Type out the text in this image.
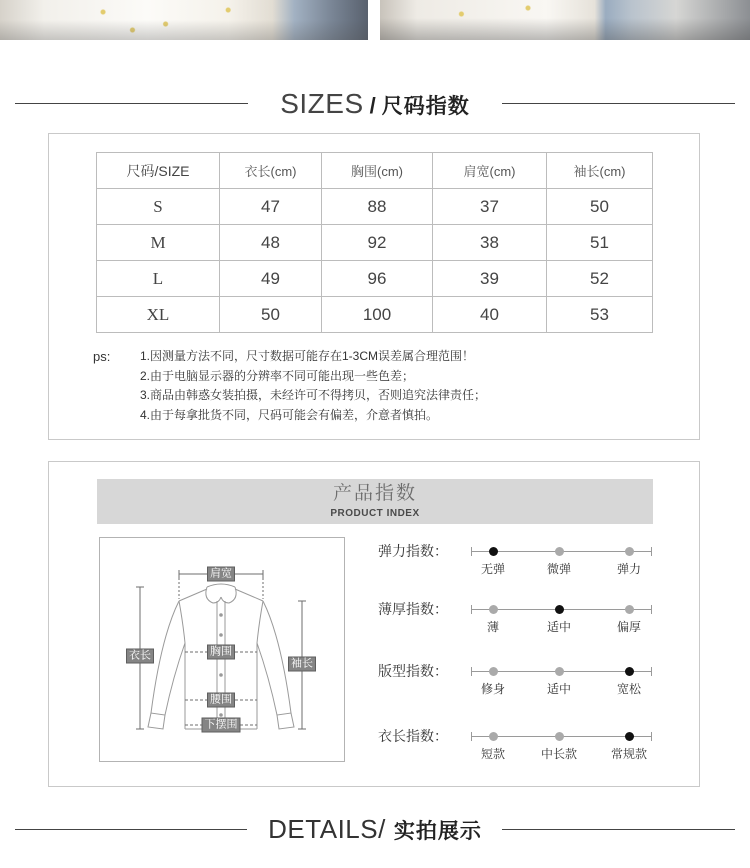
SIZES / 尺码指数
尺码/SIZE	衣长(cm)	胸围(cm)	肩宽(cm)	袖长(cm)
S	47	88	37	50
M	48	92	38	51
L	49	96	39	52
XL	50	100	40	53
ps: 1.因测量方法不同，尺寸数据可能存在1-3CM误差属合理范围！
2.由于电脑显示器的分辨率不同可能出现一些色差；
3.商品由韩惑女装拍摄，未经许可不得拷贝，否则追究法律责任；
4.由于每拿批货不同，尺码可能会有偏差，介意者慎拍。
产品指数
PRODUCT INDEX
肩宽
衣长	胸围
袖长
腰围
下摆围
弹力指数：
无弹	微弹	弹力
薄厚指数：
薄	适中	偏厚
版型指数：
修身	适中	宽松
衣长指数：
短款	中长款	常规款
DETAILS/ 实拍展示
